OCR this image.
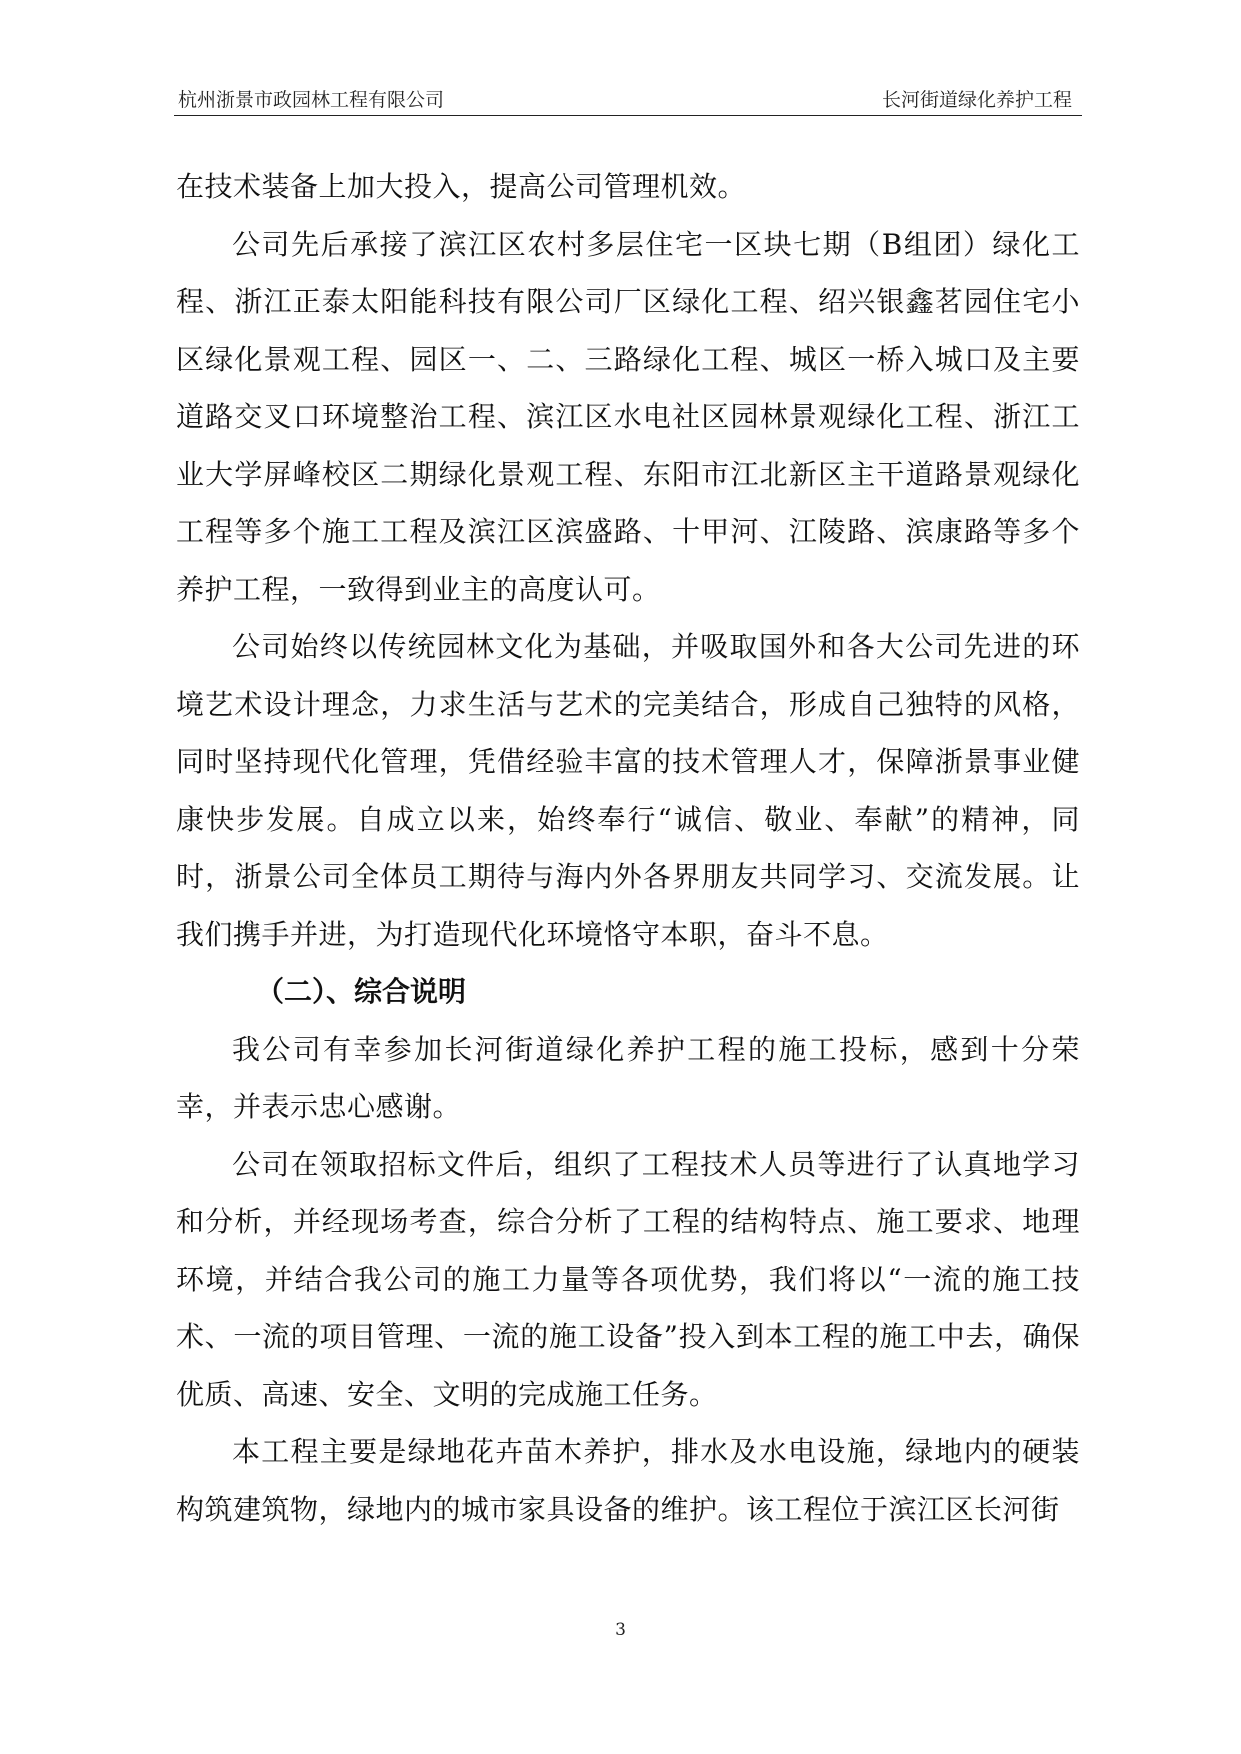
杭州浙景市政园林工程有限公司	长河街道绿化养护工程

在技术装备上加大投入，提高公司管理机效。

公司先后承接了滨江区农村多层住宅一区块七期（B组团）绿化工程、浙江正泰太阳能科技有限公司厂区绿化工程、绍兴银鑫茗园住宅小区绿化景观工程、园区一、二、三路绿化工程、城区一桥入城口及主要道路交叉口环境整治工程、滨江区水电社区园林景观绿化工程、浙江工业大学屏峰校区二期绿化景观工程、东阳市江北新区主干道路景观绿化工程等多个施工工程及滨江区滨盛路、十甲河、江陵路、滨康路等多个养护工程，一致得到业主的高度认可。

公司始终以传统园林文化为基础，并吸取国外和各大公司先进的环境艺术设计理念，力求生活与艺术的完美结合，形成自己独特的风格，同时坚持现代化管理，凭借经验丰富的技术管理人才，保障浙景事业健康快步发展。自成立以来，始终奉行“诚信、敬业、奉献”的精神，同时，浙景公司全体员工期待与海内外各界朋友共同学习、交流发展。让我们携手并进，为打造现代化环境恪守本职，奋斗不息。

（二）、综合说明

我公司有幸参加长河街道绿化养护工程的施工投标，感到十分荣幸，并表示忠心感谢。

公司在领取招标文件后，组织了工程技术人员等进行了认真地学习和分析，并经现场考查，综合分析了工程的结构特点、施工要求、地理环境，并结合我公司的施工力量等各项优势，我们将以“一流的施工技术、一流的项目管理、一流的施工设备”投入到本工程的施工中去，确保优质、高速、安全、文明的完成施工任务。

本工程主要是绿地花卉苗木养护，排水及水电设施，绿地内的硬装构筑建筑物，绿地内的城市家具设备的维护。该工程位于滨江区长河街

3
